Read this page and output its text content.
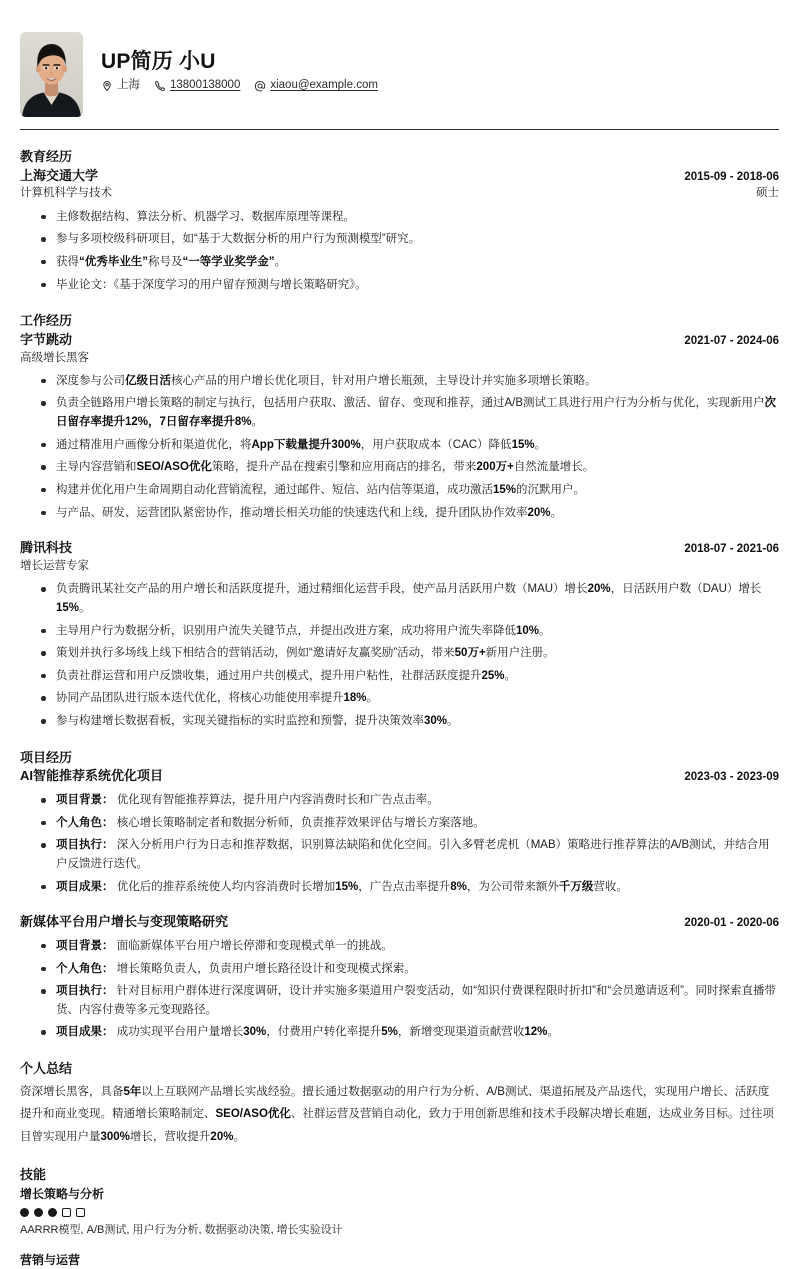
UP简历 小U
上海	13800138000	xiaou@example.com
教育经历
上海交通大学	2015-09 - 2018-06
计算机科学与技术	硕士
主修数据结构、算法分析、机器学习、数据库原理等课程。
参与多项校级科研项目，如“基于大数据分析的用户行为预测模型”研究。
获得“优秀毕业生”称号及“一等学业奖学金”。
毕业论文：《基于深度学习的用户留存预测与增长策略研究》。
工作经历
字节跳动	2021-07 - 2024-06
高级增长黑客
深度参与公司亿级日活核心产品的用户增长优化项目，针对用户增长瓶颈，主导设计并实施多项增长策略。
负责全链路用户增长策略的制定与执行，包括用户获取、激活、留存、变现和推荐，通过A/B测试工具进行用户行为分析与优化，实现新用户次日留存率提升12%，7日留存率提升8%。
通过精准用户画像分析和渠道优化，将App下载量提升300%，用户获取成本（CAC）降低15%。
主导内容营销和SEO/ASO优化策略，提升产品在搜索引擎和应用商店的排名，带来200万+自然流量增长。
构建并优化用户生命周期自动化营销流程，通过邮件、短信、站内信等渠道，成功激活15%的沉默用户。
与产品、研发、运营团队紧密协作，推动增长相关功能的快速迭代和上线，提升团队协作效率20%。
腾讯科技	2018-07 - 2021-06
增长运营专家
负责腾讯某社交产品的用户增长和活跃度提升，通过精细化运营手段，使产品月活跃用户数（MAU）增长20%，日活跃用户数（DAU）增长15%。
主导用户行为数据分析，识别用户流失关键节点，并提出改进方案，成功将用户流失率降低10%。
策划并执行多场线上线下相结合的营销活动，例如“邀请好友赢奖励”活动，带来50万+新用户注册。
负责社群运营和用户反馈收集，通过用户共创模式，提升用户粘性，社群活跃度提升25%。
协同产品团队进行版本迭代优化，将核心功能使用率提升18%。
参与构建增长数据看板，实现关键指标的实时监控和预警，提升决策效率30%。
项目经历
AI智能推荐系统优化项目	2023-03 - 2023-09
项目背景： 优化现有智能推荐算法，提升用户内容消费时长和广告点击率。
个人角色： 核心增长策略制定者和数据分析师，负责推荐效果评估与增长方案落地。
项目执行： 深入分析用户行为日志和推荐数据，识别算法缺陷和优化空间。引入多臂老虎机（MAB）策略进行推荐算法的A/B测试，并结合用户反馈进行迭代。
项目成果： 优化后的推荐系统使人均内容消费时长增加15%，广告点击率提升8%，为公司带来额外千万级营收。
新媒体平台用户增长与变现策略研究	2020-01 - 2020-06
项目背景： 面临新媒体平台用户增长停滞和变现模式单一的挑战。
个人角色： 增长策略负责人，负责用户增长路径设计和变现模式探索。
项目执行： 针对目标用户群体进行深度调研，设计并实施多渠道用户裂变活动，如“知识付费课程限时折扣”和“会员邀请返利”。同时探索直播带货、内容付费等多元变现路径。
项目成果： 成功实现平台用户量增长30%，付费用户转化率提升5%，新增变现渠道贡献营收12%。
个人总结
资深增长黑客，具备5年以上互联网产品增长实战经验。擅长通过数据驱动的用户行为分析、A/B测试、渠道拓展及产品迭代，实现用户增长、活跃度提升和商业变现。精通增长策略制定、SEO/ASO优化、社群运营及营销自动化，致力于用创新思维和技术手段解决增长难题，达成业务目标。过往项目曾实现用户量300%增长，营收提升20%。
技能
增长策略与分析
AARRR模型, A/B测试, 用户行为分析, 数据驱动决策, 增长实验设计
营销与运营
